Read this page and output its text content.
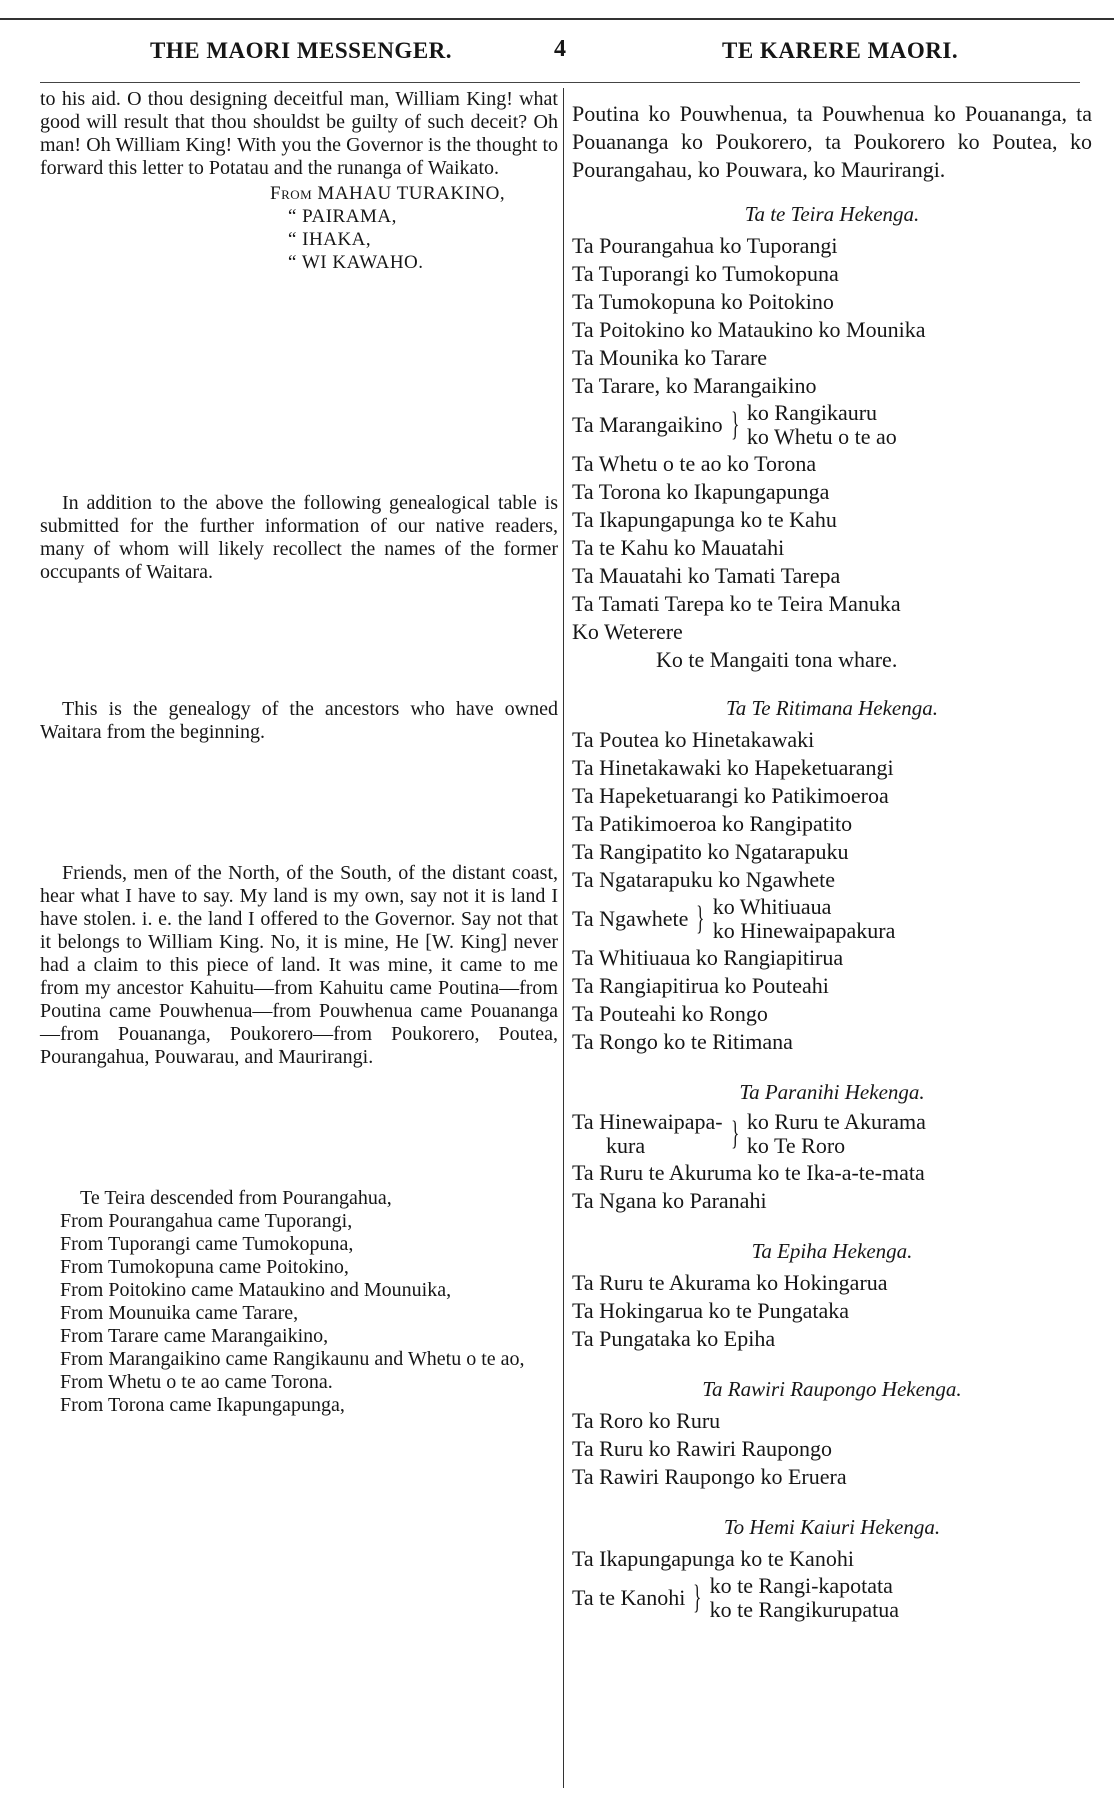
THE MAORI MESSENGER.	4	TE KARERE MAORI.

to his aid. O thou designing deceitful man, William King! what good will result that thou shouldst be guilty of such deceit? Oh man! Oh William King! With you the Governor is the thought to forward this letter to Potatau and the runanga of Waikato.

From MAHAU TURAKINO,
“ PAIRAMA,
“ IHAKA,
“ WI KAWAHO.

In addition to the above the following genealogical table is submitted for the further information of our native readers, many of whom will likely recollect the names of the former occupants of Waitara.

This is the genealogy of the ancestors who have owned Waitara from the beginning.

Friends, men of the North, of the South, of the distant coast, hear what I have to say. My land is my own, say not it is land I have stolen. i. e. the land I offered to the Governor. Say not that it belongs to William King. No, it is mine, He [W. King] never had a claim to this piece of land. It was mine, it came to me from my ancestor Kahuitu—from Kahuitu came Poutina—from Poutina came Pouwhenua—from Pouwhenua came Pouananga—from Pouananga, Poukorero—from Poukorero, Poutea, Pourangahua, Pouwarau, and Maurirangi.

Te Teira descended from Pourangahua,

From Pourangahua came Tuporangi,

From Tuporangi came Tumokopuna,

From Tumokopuna came Poitokino,

From Poitokino came Mataukino and Mounuika,

From Mounuika came Tarare,

From Tarare came Marangaikino,

From Marangaikino came Rangikaunu and Whetu o te ao,

From Whetu o te ao came Torona.

From Torona came Ikapungapunga,

Poutina ko Pouwhenua, ta Pouwhenua ko Pouananga, ta Pouananga ko Poukorero, ta Poukorero ko Poutea, ko Pourangahau, ko Pouwara, ko Maurirangi.

Ta te Teira Hekenga.

Ta Pourangahua ko Tuporangi

Ta Tuporangi ko Tumokopuna

Ta Tumokopuna ko Poitokino

Ta Poitokino ko Mataukino ko Mounika

Ta Mounika ko Tarare

Ta Tarare, ko Marangaikino

Ta Marangaikino } ko Rangikauru
ko Whetu o te ao

Ta Whetu o te ao ko Torona

Ta Torona ko Ikapungapunga

Ta Ikapungapunga ko te Kahu

Ta te Kahu ko Mauatahi

Ta Mauatahi ko Tamati Tarepa

Ta Tamati Tarepa ko te Teira Manuka

Ko Weterere

Ko te Mangaiti tona whare.

Ta Te Ritimana Hekenga.

Ta Poutea ko Hinetakawaki

Ta Hinetakawaki ko Hapeketuarangi

Ta Hapeketuarangi ko Patikimoeroa

Ta Patikimoeroa ko Rangipatito

Ta Rangipatito ko Ngatarapuku

Ta Ngatarapuku ko Ngawhete

Ta Ngawhete } ko Whitiuaua
ko Hinewaipapakura

Ta Whitiuaua ko Rangiapitirua

Ta Rangiapitirua ko Pouteahi

Ta Pouteahi ko Rongo

Ta Rongo ko te Ritimana

Ta Paranihi Hekenga.

Ta Hinewaipapa-
kura	} ko Ruru te Akurama
ko Te Roro

Ta Ruru te Akuruma ko te Ika-a-te-mata

Ta Ngana ko Paranahi

Ta Epiha Hekenga.

Ta Ruru te Akurama ko Hokingarua

Ta Hokingarua ko te Pungataka

Ta Pungataka ko Epiha

Ta Rawiri Raupongo Hekenga.

Ta Roro ko Ruru

Ta Ruru ko Rawiri Raupongo

Ta Rawiri Raupongo ko Eruera

To Hemi Kaiuri Hekenga.

Ta Ikapungapunga ko te Kanohi

Ta te Kanohi } ko te Rangi-kapotata
ko te Rangikurupatua
